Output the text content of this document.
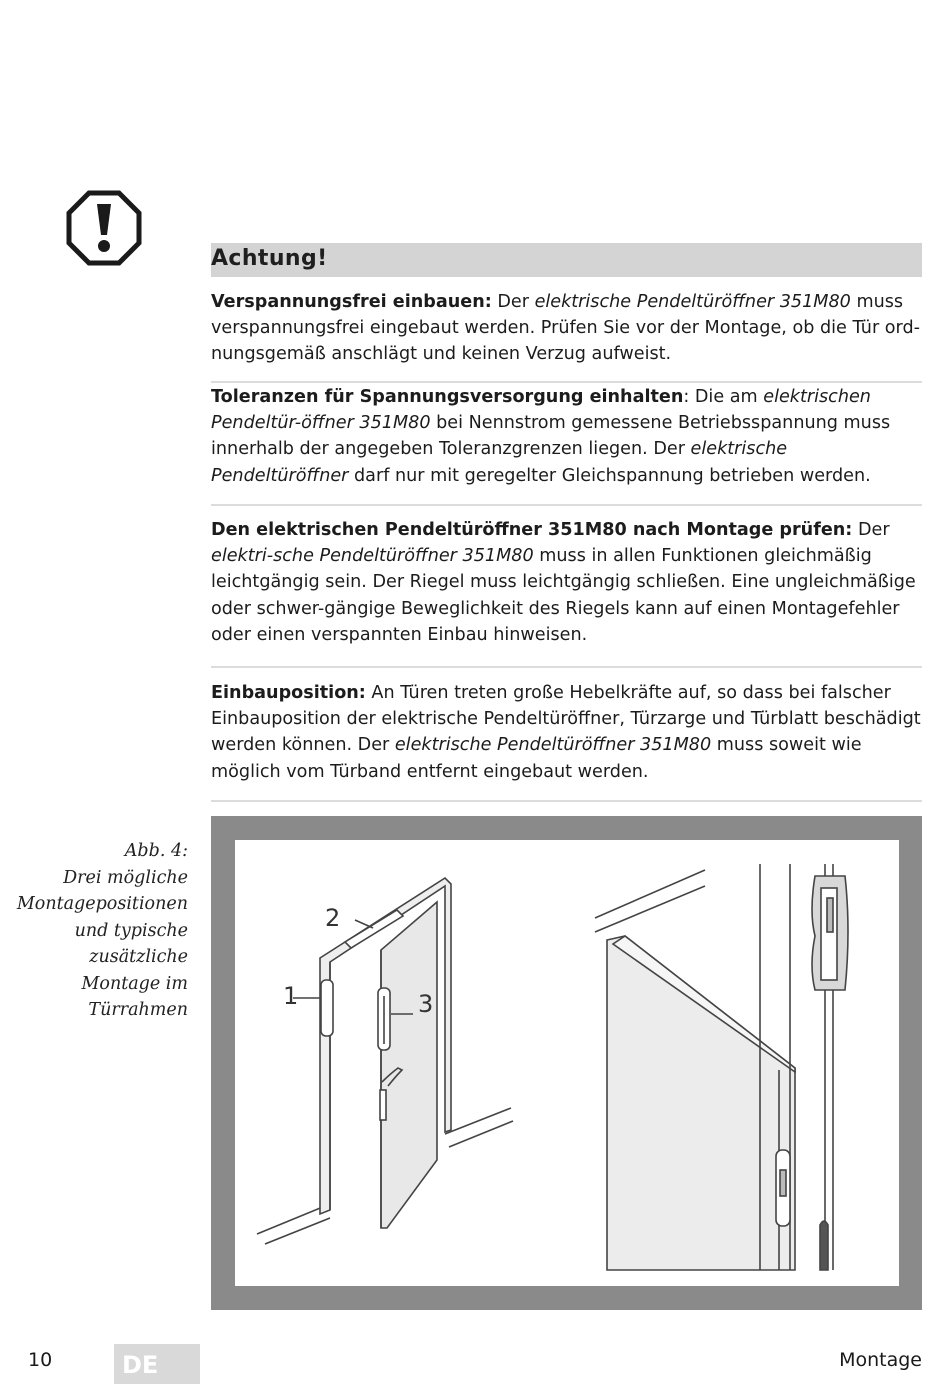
Achtung!
Verspannungsfrei einbauen: Der elektrische Pendeltüröffner 351M80 muss verspannungsfrei eingebaut werden. Prüfen Sie vor der Montage, ob die Tür ord-nungsgemäß anschlägt und keinen Verzug aufweist.
Toleranzen für Spannungsversorgung einhalten: Die am elektrischen Pendeltür-öffner 351M80 bei Nennstrom gemessene Betriebsspannung muss innerhalb der angegeben Toleranzgrenzen liegen. Der elektrische Pendeltüröffner darf nur mit geregelter Gleichspannung betrieben werden.
Den elektrischen Pendeltüröffner 351M80 nach Montage prüfen: Der elektri-sche Pendeltüröffner 351M80 muss in allen Funktionen gleichmäßig leichtgängig sein. Der Riegel muss leichtgängig schließen. Eine ungleichmäßige oder schwer-gängige Beweglichkeit des Riegels kann auf einen Montagefehler oder einen verspannten Einbau hinweisen.
Einbauposition: An Türen treten große Hebelkräfte auf, so dass bei falscher Einbauposition der elektrische Pendeltüröffner, Türzarge und Türblatt beschädigt werden können. Der elektrische Pendeltüröffner 351M80 muss soweit wie möglich vom Türband entfernt eingebaut werden.
Abb. 4:
Drei mögliche
Montagepositionen
und typische
zusätzliche
Montage im
Türrahmen	1
2
3
10	DE	Montage
